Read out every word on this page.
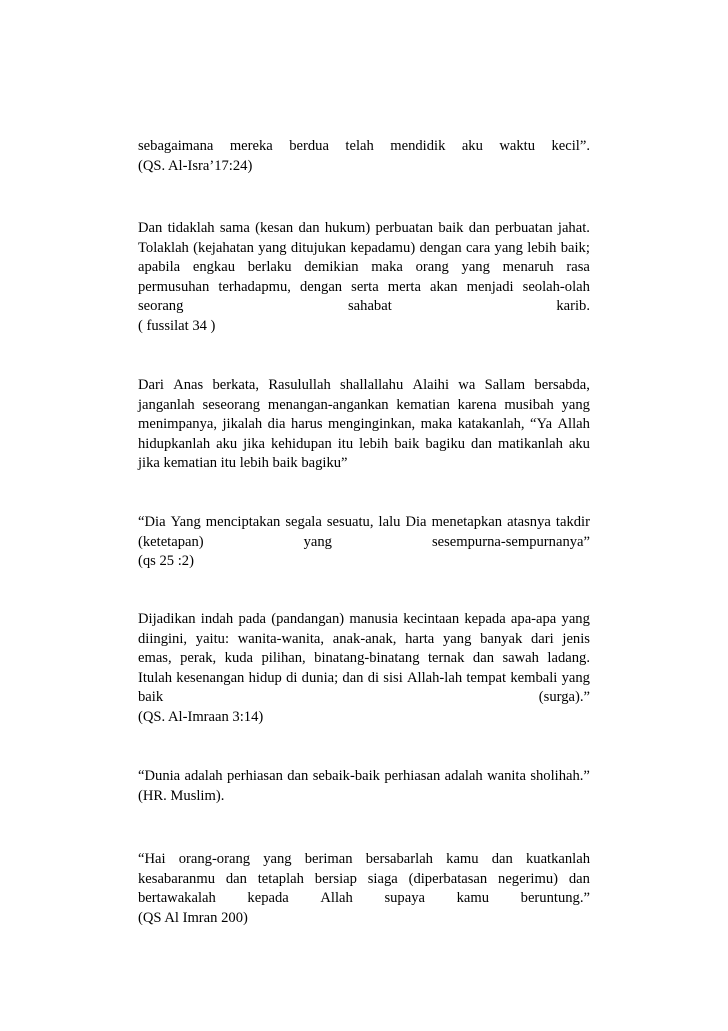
sebagaimana mereka berdua telah mendidik aku waktu kecil”.
(QS. Al-Isra’17:24)
Dan tidaklah sama (kesan dan hukum) perbuatan baik dan perbuatan jahat.
Tolaklah (kejahatan yang ditujukan kepadamu) dengan cara yang lebih baik;
apabila engkau berlaku demikian maka orang yang menaruh rasa
permusuhan terhadapmu, dengan serta merta akan menjadi seolah-olah
seorang	sahabat	karib.
( fussilat 34 )
Dari Anas berkata, Rasulullah shallallahu Alaihi wa Sallam bersabda,
janganlah seseorang menangan-angankan kematian karena musibah yang
menimpanya, jikalah dia harus menginginkan, maka katakanlah, “Ya Allah
hidupkanlah aku jika kehidupan itu lebih baik bagiku dan matikanlah aku
jika kematian itu lebih baik bagiku”
“Dia Yang menciptakan segala sesuatu, lalu Dia menetapkan atasnya takdir
(ketetapan)	yang	sesempurna-sempurnanya”
(qs 25 :2)
Dijadikan indah pada (pandangan) manusia kecintaan kepada apa-apa yang
diingini, yaitu: wanita-wanita, anak-anak, harta yang banyak dari jenis
emas, perak, kuda pilihan, binatang-binatang ternak dan sawah ladang.
Itulah kesenangan hidup di dunia; dan di sisi Allah-lah tempat kembali yang
baik	(surga).”
(QS. Al-Imraan 3:14)
“Dunia adalah perhiasan dan sebaik-baik perhiasan adalah wanita sholihah.”
(HR. Muslim).
“Hai orang-orang yang beriman bersabarlah kamu dan kuatkanlah
kesabaranmu dan tetaplah bersiap siaga (diperbatasan negerimu) dan
bertawakalah kepada Allah supaya kamu beruntung.”
(QS Al Imran 200)
